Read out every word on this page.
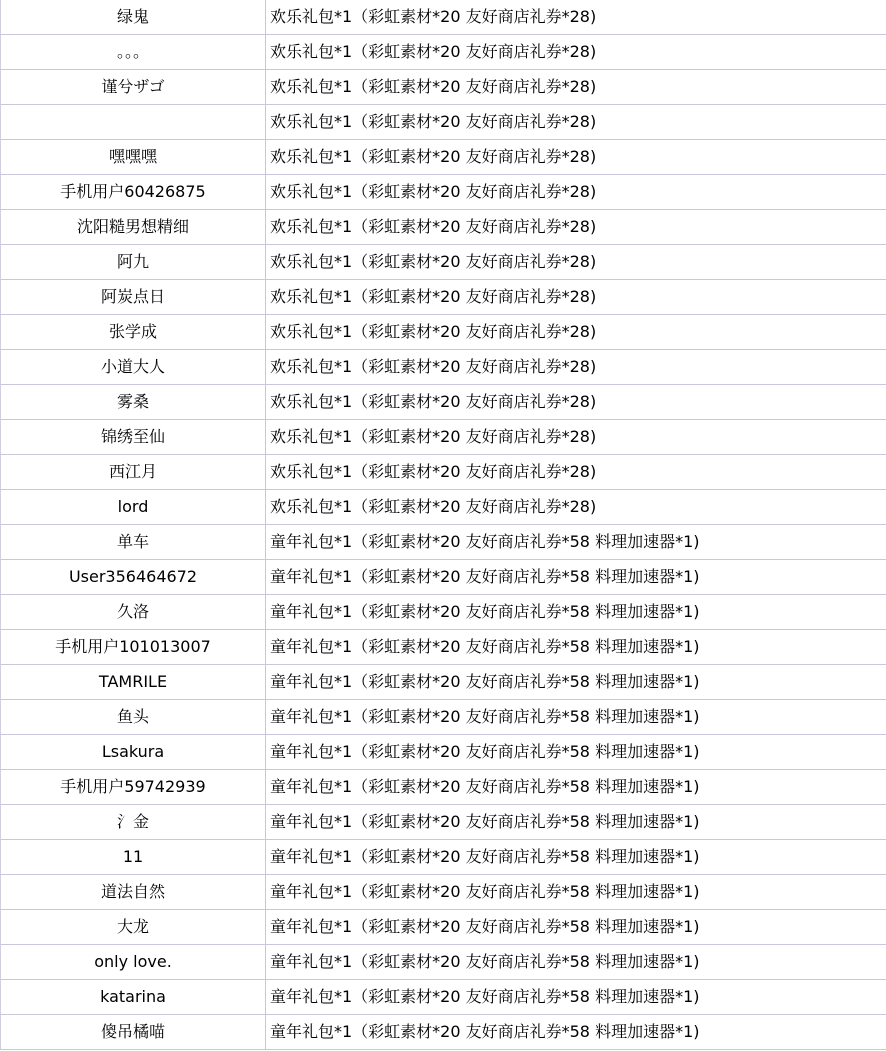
绿鬼	欢乐礼包*1（彩虹素材*20 友好商店礼券*28)
。。。	欢乐礼包*1（彩虹素材*20 友好商店礼券*28)
谨兮ザゴ	欢乐礼包*1（彩虹素材*20 友好商店礼券*28)
	欢乐礼包*1（彩虹素材*20 友好商店礼券*28)
嘿嘿嘿	欢乐礼包*1（彩虹素材*20 友好商店礼券*28)
手机用户60426875	欢乐礼包*1（彩虹素材*20 友好商店礼券*28)
沈阳糙男想精细	欢乐礼包*1（彩虹素材*20 友好商店礼券*28)
阿九	欢乐礼包*1（彩虹素材*20 友好商店礼券*28)
阿炭点日	欢乐礼包*1（彩虹素材*20 友好商店礼券*28)
张学成	欢乐礼包*1（彩虹素材*20 友好商店礼券*28)
小道大人	欢乐礼包*1（彩虹素材*20 友好商店礼券*28)
雾桑	欢乐礼包*1（彩虹素材*20 友好商店礼券*28)
锦绣至仙	欢乐礼包*1（彩虹素材*20 友好商店礼券*28)
西江月	欢乐礼包*1（彩虹素材*20 友好商店礼券*28)
lord	欢乐礼包*1（彩虹素材*20 友好商店礼券*28)
单车	童年礼包*1（彩虹素材*20 友好商店礼券*58 料理加速器*1)
User356464672	童年礼包*1（彩虹素材*20 友好商店礼券*58 料理加速器*1)
久洛	童年礼包*1（彩虹素材*20 友好商店礼券*58 料理加速器*1)
手机用户101013007	童年礼包*1（彩虹素材*20 友好商店礼券*58 料理加速器*1)
TAMRILE	童年礼包*1（彩虹素材*20 友好商店礼券*58 料理加速器*1)
鱼头	童年礼包*1（彩虹素材*20 友好商店礼券*58 料理加速器*1)
Lsakura	童年礼包*1（彩虹素材*20 友好商店礼券*58 料理加速器*1)
手机用户59742939	童年礼包*1（彩虹素材*20 友好商店礼券*58 料理加速器*1)
氵金	童年礼包*1（彩虹素材*20 友好商店礼券*58 料理加速器*1)
11	童年礼包*1（彩虹素材*20 友好商店礼券*58 料理加速器*1)
道法自然	童年礼包*1（彩虹素材*20 友好商店礼券*58 料理加速器*1)
大龙	童年礼包*1（彩虹素材*20 友好商店礼券*58 料理加速器*1)
only love.	童年礼包*1（彩虹素材*20 友好商店礼券*58 料理加速器*1)
katarina	童年礼包*1（彩虹素材*20 友好商店礼券*58 料理加速器*1)
傻吊橘喵	童年礼包*1（彩虹素材*20 友好商店礼券*58 料理加速器*1)
